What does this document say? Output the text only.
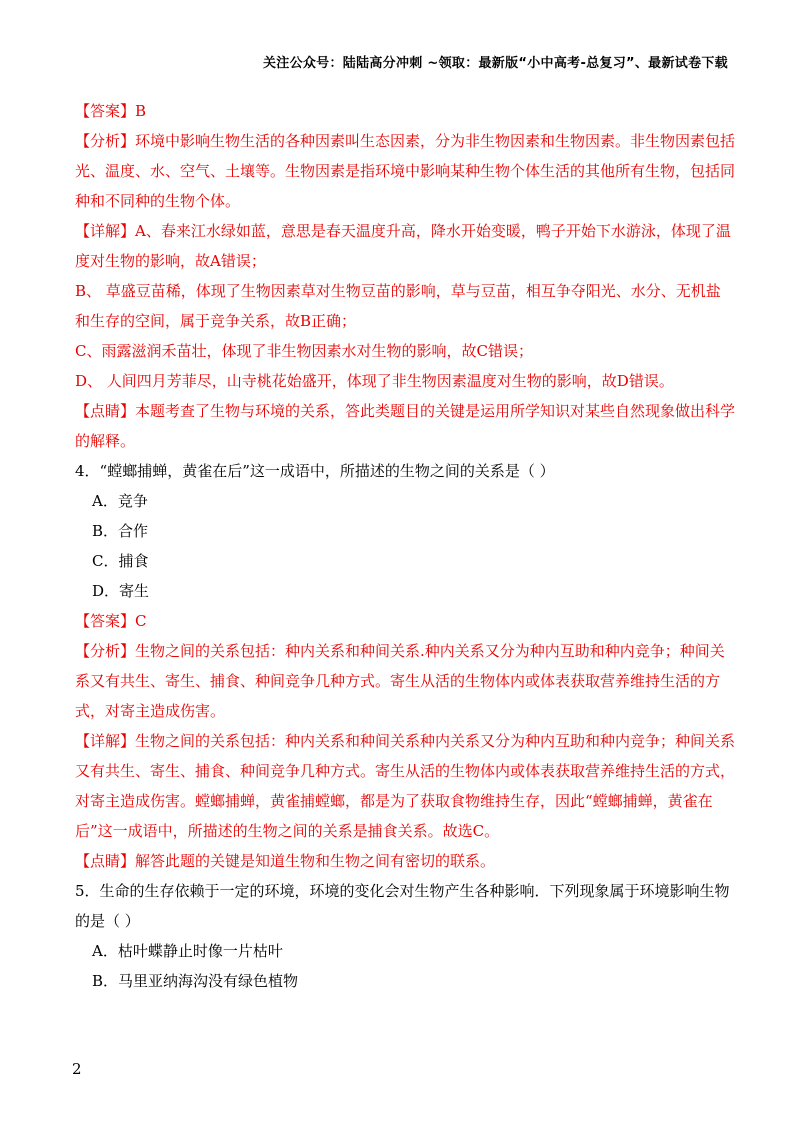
关注公众号：陆陆高分冲刺 ~领取：最新版“小中高考-总复习”、最新试卷下载

【答案】B

【分析】环境中影响生物生活的各种因素叫生态因素，分为非生物因素和生物因素。非生物因素包括光、温度、水、空气、土壤等。生物因素是指环境中影响某种生物个体生活的其他所有生物，包括同种和不同种的生物个体。

【详解】A、春来江水绿如蓝，意思是春天温度升高，降水开始变暖，鸭子开始下水游泳，体现了温度对生物的影响，故A错误；

B、 草盛豆苗稀，体现了生物因素草对生物豆苗的影响，草与豆苗，相互争夺阳光、水分、无机盐和生存的空间，属于竞争关系，故B正确；

C、雨露滋润禾苗壮，体现了非生物因素水对生物的影响，故C错误；

D、 人间四月芳菲尽，山寺桃花始盛开，体现了非生物因素温度对生物的影响，故D错误。

【点睛】本题考查了生物与环境的关系，答此类题目的关键是运用所学知识对某些自然现象做出科学的解释。

4．“螳螂捕蝉，黄雀在后”这一成语中，所描述的生物之间的关系是（ ）

A．竞争

B．合作

C．捕食

D．寄生

【答案】C

【分析】生物之间的关系包括：种内关系和种间关系.种内关系又分为种内互助和种内竞争；种间关系又有共生、寄生、捕食、种间竞争几种方式。寄生从活的生物体内或体表获取营养维持生活的方式，对寄主造成伤害。

【详解】生物之间的关系包括：种内关系和种间关系种内关系又分为种内互助和种内竞争；种间关系又有共生、寄生、捕食、种间竞争几种方式。寄生从活的生物体内或体表获取营养维持生活的方式，对寄主造成伤害。螳螂捕蝉，黄雀捕螳螂，都是为了获取食物维持生存，因此“螳螂捕蝉，黄雀在后”这一成语中，所描述的生物之间的关系是捕食关系。故选C。

【点睛】解答此题的关键是知道生物和生物之间有密切的联系。

5．生命的生存依赖于一定的环境，环境的变化会对生物产生各种影响．下列现象属于环境影响生物的是（ ）

A．枯叶蝶静止时像一片枯叶

B．马里亚纳海沟没有绿色植物

2
